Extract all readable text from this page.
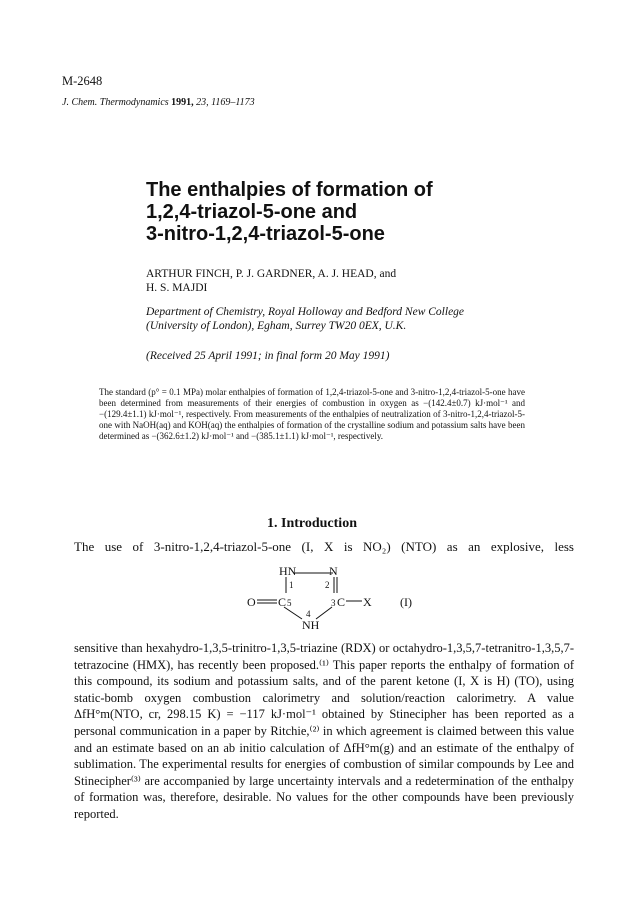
M-2648
J. Chem. Thermodynamics 1991, 23, 1169–1173
The enthalpies of formation of
1,2,4-triazol-5-one and
3-nitro-1,2,4-triazol-5-one
ARTHUR FINCH, P. J. GARDNER, A. J. HEAD, and
H. S. MAJDI
Department of Chemistry, Royal Holloway and Bedford New College
(University of London), Egham, Surrey TW20 0EX, U.K.
(Received 25 April 1991; in final form 20 May 1991)

The standard (p° = 0.1 MPa) molar enthalpies of formation of 1,2,4-triazol-5-one and 3-nitro-1,2,4-triazol-5-one have been determined from measurements of their energies of combustion in oxygen as −(142.4±0.7) kJ·mol⁻¹ and −(129.4±1.1) kJ·mol⁻¹, respectively. From measurements of the enthalpies of neutralization of 3-nitro-1,2,4-triazol-5-one with NaOH(aq) and KOH(aq) the enthalpies of formation of the crystalline sodium and potassium salts have been determined as −(362.6±1.2) kJ·mol⁻¹ and −(385.1±1.1) kJ·mol⁻¹, respectively.

1. Introduction
The use of 3-nitro-1,2,4-triazol-5-one (I, X is NO₂) (NTO) as an explosive, less
HN	N
1	2
O C 5	3 C X
4
NH
(I)

sensitive than hexahydro-1,3,5-trinitro-1,3,5-triazine (RDX) or octahydro-1,3,5,7-tetranitro-1,3,5,7-tetrazocine (HMX), has recently been proposed.⁽¹⁾ This paper reports the enthalpy of formation of this compound, its sodium and potassium salts, and of the parent ketone (I, X is H) (TO), using static-bomb oxygen combustion calorimetry and solution/reaction calorimetry. A value ΔfH°m(NTO, cr, 298.15 K) = −117 kJ·mol⁻¹ obtained by Stinecipher has been reported as a personal communication in a paper by Ritchie,⁽²⁾ in which agreement is claimed between this value and an estimate based on an ab initio calculation of ΔfH°m(g) and an estimate of the enthalpy of sublimation. The experimental results for energies of combustion of similar compounds by Lee and Stinecipher⁽³⁾ are accompanied by large uncertainty intervals and a redetermination of the enthalpy of formation was, therefore, desirable. No values for the other compounds have been previously reported.
